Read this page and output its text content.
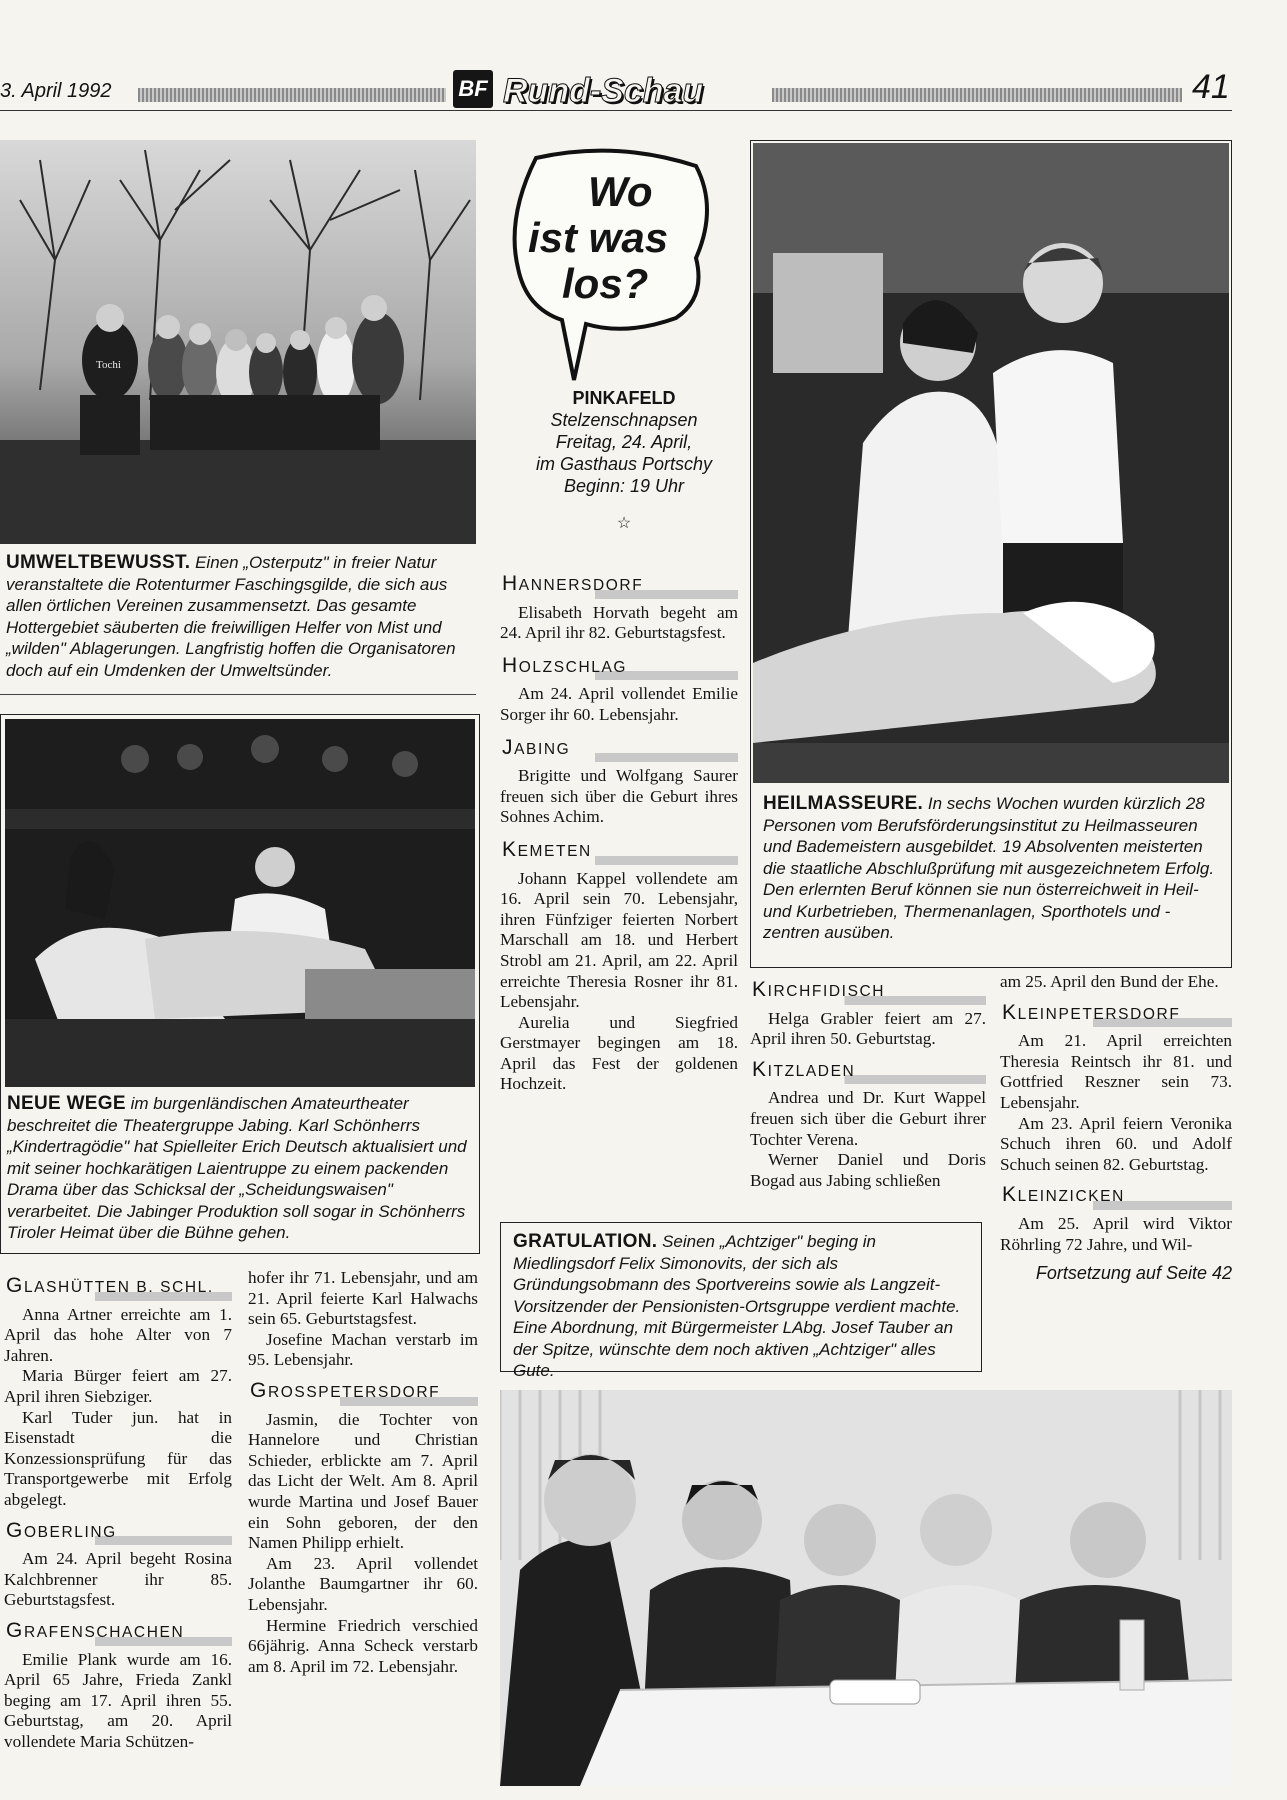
3. April 1992	BF Rund-Schau	41
Tochi
UMWELTBEWUSST. Einen „Osterputz" in freier Natur veranstaltete die Rotenturmer Faschingsgilde, die sich aus allen örtlichen Vereinen zusammensetzt. Das gesamte Hottergebiet säuberten die freiwilligen Helfer von Mist und „wilden" Ablagerungen. Langfristig hoffen die Organisatoren doch auf ein Umdenken der Umweltsünder.
NEUE WEGE im burgenländischen Amateurtheater beschreitet die Theatergruppe Jabing. Karl Schönherrs „Kindertragödie" hat Spielleiter Erich Deutsch aktualisiert und mit seiner hochkarätigen Laientruppe zu einem packenden Drama über das Schicksal der „Scheidungswaisen" verarbeitet. Die Jabinger Produktion soll sogar in Schönherrs Tiroler Heimat über die Bühne gehen.
Wo
ist was
los?
PINKAFELD
Stelzenschnapsen
Freitag, 24. April,
im Gasthaus Portschy
Beginn: 19 Uhr
☆
HANNERSDORF

Elisabeth Horvath begeht am 24. April ihr 82. Geburtstagsfest.

HOLZSCHLAG

Am 24. April vollendet Emilie Sorger ihr 60. Lebensjahr.

JABING

Brigitte und Wolfgang Saurer freuen sich über die Geburt ihres Sohnes Achim.

KEMETEN

Johann Kappel vollendete am 16. April sein 70. Lebensjahr, ihren Fünfziger feierten Norbert Marschall am 18. und Herbert Strobl am 21. April, am 22. April erreichte Theresia Rosner ihr 81. Lebensjahr.

Aurelia und Siegfried Gerstmayer begingen am 18. April das Fest der goldenen Hochzeit.

HEILMASSEURE. In sechs Wochen wurden kürzlich 28 Personen vom Berufsförderungsinstitut zu Heilmasseuren und Bademeistern ausgebildet. 19 Absolventen meisterten die staatliche Abschlußprüfung mit ausgezeichnetem Erfolg. Den erlernten Beruf können sie nun österreichweit in Heil- und Kurbetrieben, Thermenanlagen, Sporthotels und -zentren ausüben.
KIRCHFIDISCH

Helga Grabler feiert am 27. April ihren 50. Geburtstag.

KITZLADEN

Andrea und Dr. Kurt Wappel freuen sich über die Geburt ihrer Tochter Verena.

Werner Daniel und Doris Bogad aus Jabing schließen

am 25. April den Bund der Ehe.

KLEINPETERSDORF

Am 21. April erreichten Theresia Reintsch ihr 81. und Gottfried Reszner sein 73. Lebensjahr.

Am 23. April feiern Veronika Schuch ihren 60. und Adolf Schuch seinen 82. Geburtstag.

KLEINZICKEN

Am 25. April wird Viktor Röhrling 72 Jahre, und Wil-

Fortsetzung auf Seite 42
GRATULATION. Seinen „Achtziger" beging in Miedlingsdorf Felix Simonovits, der sich als Gründungsobmann des Sportvereins sowie als Langzeit-Vorsitzender der Pensionisten-Ortsgruppe verdient machte. Eine Abordnung, mit Bürgermeister LAbg. Josef Tauber an der Spitze, wünschte dem noch aktiven „Achtziger" alles Gute.
GLASHÜTTEN B. SCHL.

Anna Artner erreichte am 1. April das hohe Alter von 7 Jahren.

Maria Bürger feiert am 27. April ihren Siebziger.

Karl Tuder jun. hat in Eisenstadt die Konzessionsprüfung für das Transportgewerbe mit Erfolg abgelegt.

GOBERLING

Am 24. April begeht Rosina Kalchbrenner ihr 85. Geburtstagsfest.

GRAFENSCHACHEN

Emilie Plank wurde am 16. April 65 Jahre, Frieda Zankl beging am 17. April ihren 55. Geburtstag, am 20. April vollendete Maria Schützen-

hofer ihr 71. Lebensjahr, und am 21. April feierte Karl Halwachs sein 65. Geburtstagsfest.

Josefine Machan verstarb im 95. Lebensjahr.

GROSSPETERSDORF

Jasmin, die Tochter von Hannelore und Christian Schieder, erblickte am 7. April das Licht der Welt. Am 8. April wurde Martina und Josef Bauer ein Sohn geboren, der den Namen Philipp erhielt.

Am 23. April vollendet Jolanthe Baumgartner ihr 60. Lebensjahr.

Hermine Friedrich verschied 66jährig. Anna Scheck verstarb am 8. April im 72. Lebensjahr.
